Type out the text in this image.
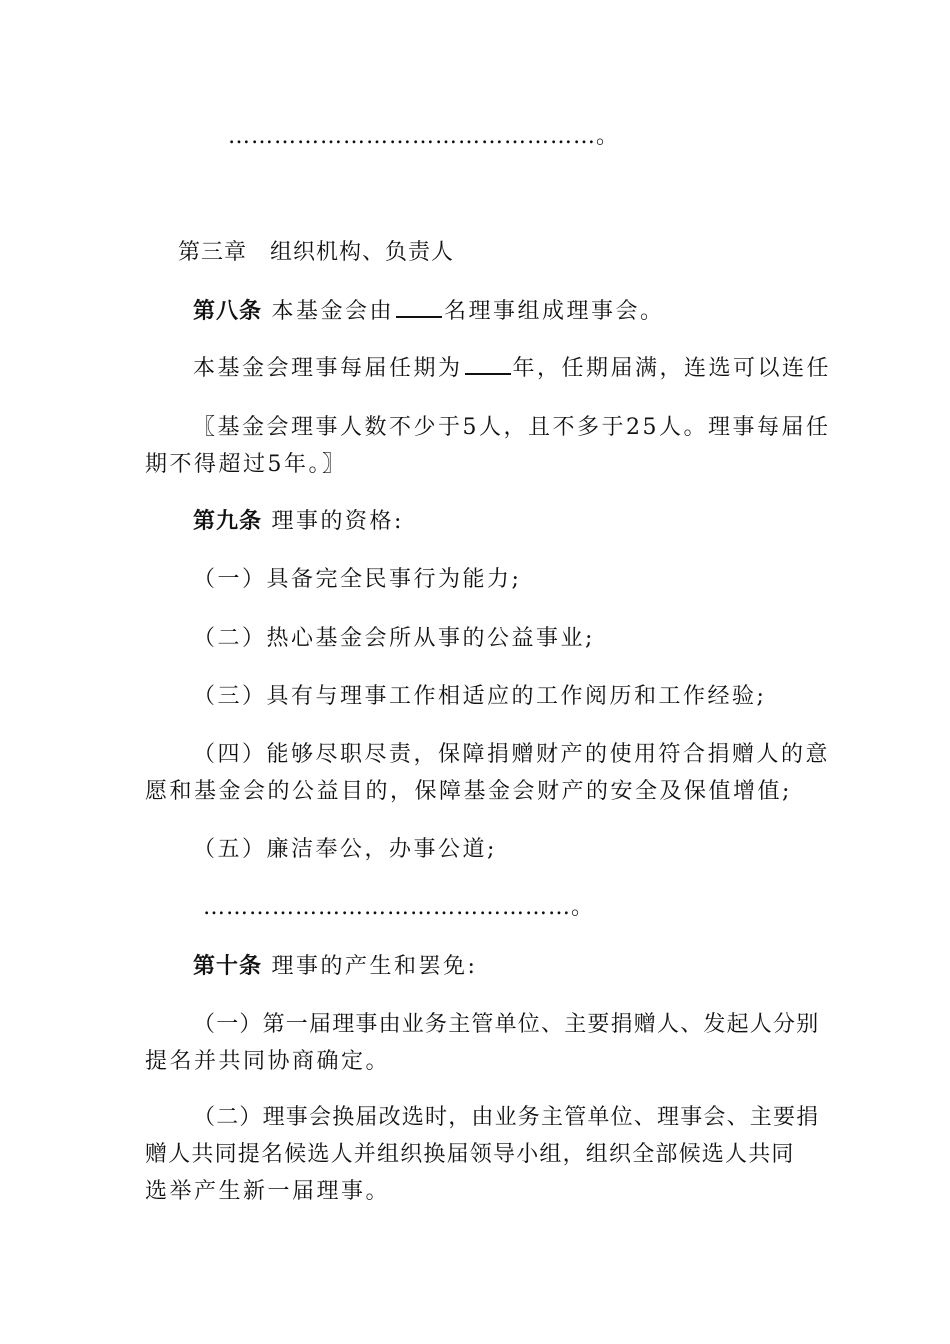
…………………………………………。
第三章　组织机构、负责人
第八条 本基金会由 名理事组成理事会。
本基金会理事每届任期为 年，任期届满，连选可以连任
〖基金会理事人数不少于5人，且不多于25人。理事每届任
期不得超过5年。〗
第九条 理事的资格:
（一）具备完全民事行为能力;
（二）热心基金会所从事的公益事业;
（三）具有与理事工作相适应的工作阅历和工作经验;
（四）能够尽职尽责，保障捐赠财产的使用符合捐赠人的意
愿和基金会的公益目的，保障基金会财产的安全及保值增值;
（五）廉洁奉公，办事公道;
…………………………………………。
第十条 理事的产生和罢免:
（一）第一届理事由业务主管单位、主要捐赠人、发起人分别
提名并共同协商确定。
（二）理事会换届改选时，由业务主管单位、理事会、主要捐
赠人共同提名候选人并组织换届领导小组，组织全部候选人共同
选举产生新一届理事。
